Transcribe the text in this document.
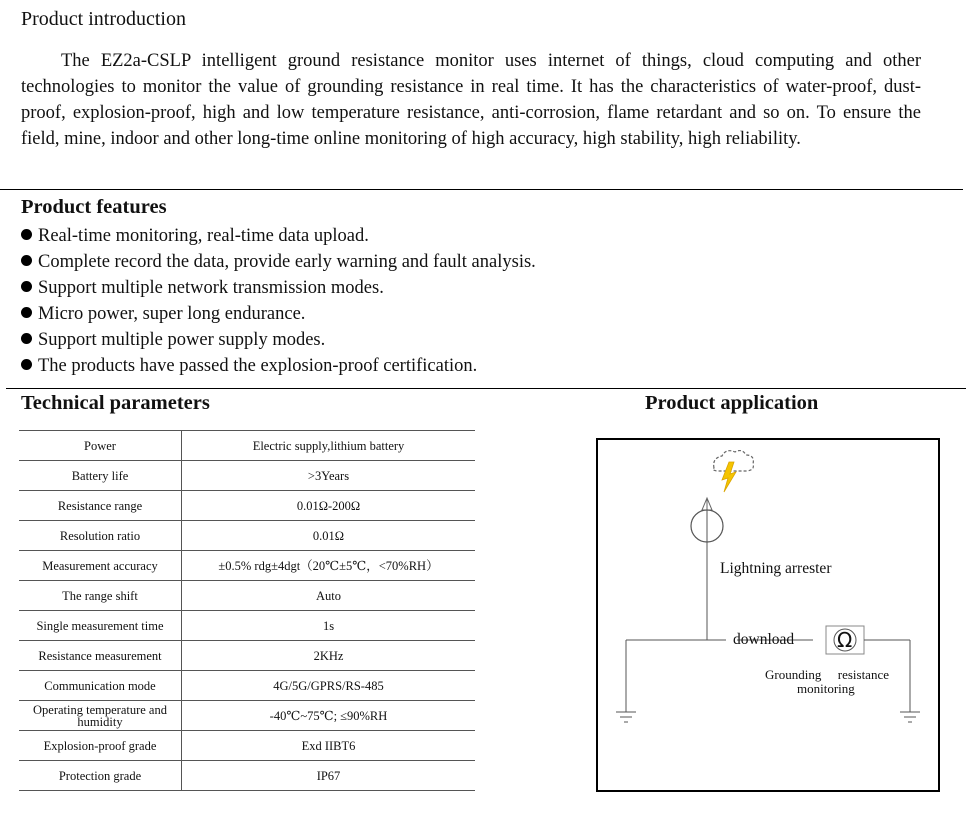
Product introduction

The EZ2a-CSLP intelligent ground resistance monitor uses internet of things, cloud computing and other technologies to monitor the value of grounding resistance in real time. It has the characteristics of water-proof, dust-proof, explosion-proof, high and low temperature resistance, anti-corrosion, flame retardant and so on. To ensure the field, mine, indoor and other long-time online monitoring of high accuracy, high stability, high reliability.

Product features
Real-time monitoring, real-time data upload.
Complete record the data, provide early warning and fault analysis.
Support multiple network transmission modes.
Micro power, super long endurance.
Support multiple power supply modes.
The products have passed the explosion-proof certification.
Technical parameters	Product application
Power	Electric supply,lithium battery
Battery life	>3Years
Resistance range	0.01Ω-200Ω
Resolution ratio	0.01Ω
Measurement accuracy	±0.5% rdg±4dgt（20℃±5℃，<70%RH）
The range shift	Auto
Single measurement time	1s
Resistance measurement	2KHz
Communication mode	4G/5G/GPRS/RS-485
Operating temperature and humidity	-40℃~75℃; ≤90%RH
Explosion-proof grade	Exd IIBT6
Protection grade	IP67
Lightning arrester
download Ω
Grounding resistance
monitoring
